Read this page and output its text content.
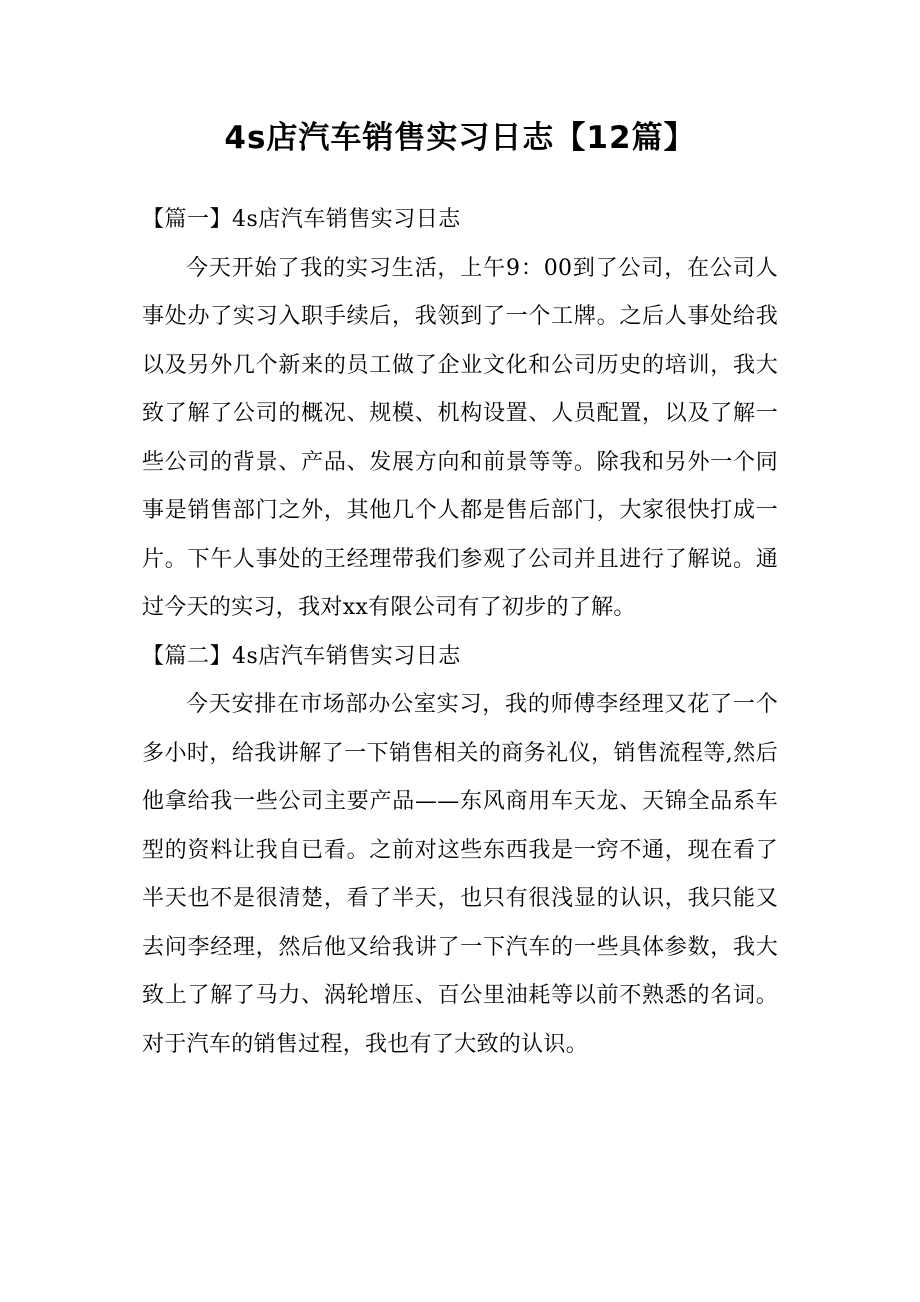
4s店汽车销售实习日志【12篇】

【篇一】4s店汽车销售实习日志

今天开始了我的实习生活，上午9：00到了公司，在公司人事处办了实习入职手续后，我领到了一个工牌。之后人事处给我以及另外几个新来的员工做了企业文化和公司历史的培训，我大致了解了公司的概况、规模、机构设置、人员配置，以及了解一些公司的背景、产品、发展方向和前景等等。除我和另外一个同事是销售部门之外，其他几个人都是售后部门，大家很快打成一片。下午人事处的王经理带我们参观了公司并且进行了解说。通过今天的实习，我对xx有限公司有了初步的了解。

【篇二】4s店汽车销售实习日志

今天安排在市场部办公室实习，我的师傅李经理又花了一个多小时，给我讲解了一下销售相关的商务礼仪，销售流程等,然后他拿给我一些公司主要产品——东风商用车天龙、天锦全品系车型的资料让我自已看。之前对这些东西我是一窍不通，现在看了半天也不是很清楚，看了半天，也只有很浅显的认识，我只能又去问李经理，然后他又给我讲了一下汽车的一些具体参数，我大致上了解了马力、涡轮增压、百公里油耗等以前不熟悉的名词。对于汽车的销售过程，我也有了大致的认识。
